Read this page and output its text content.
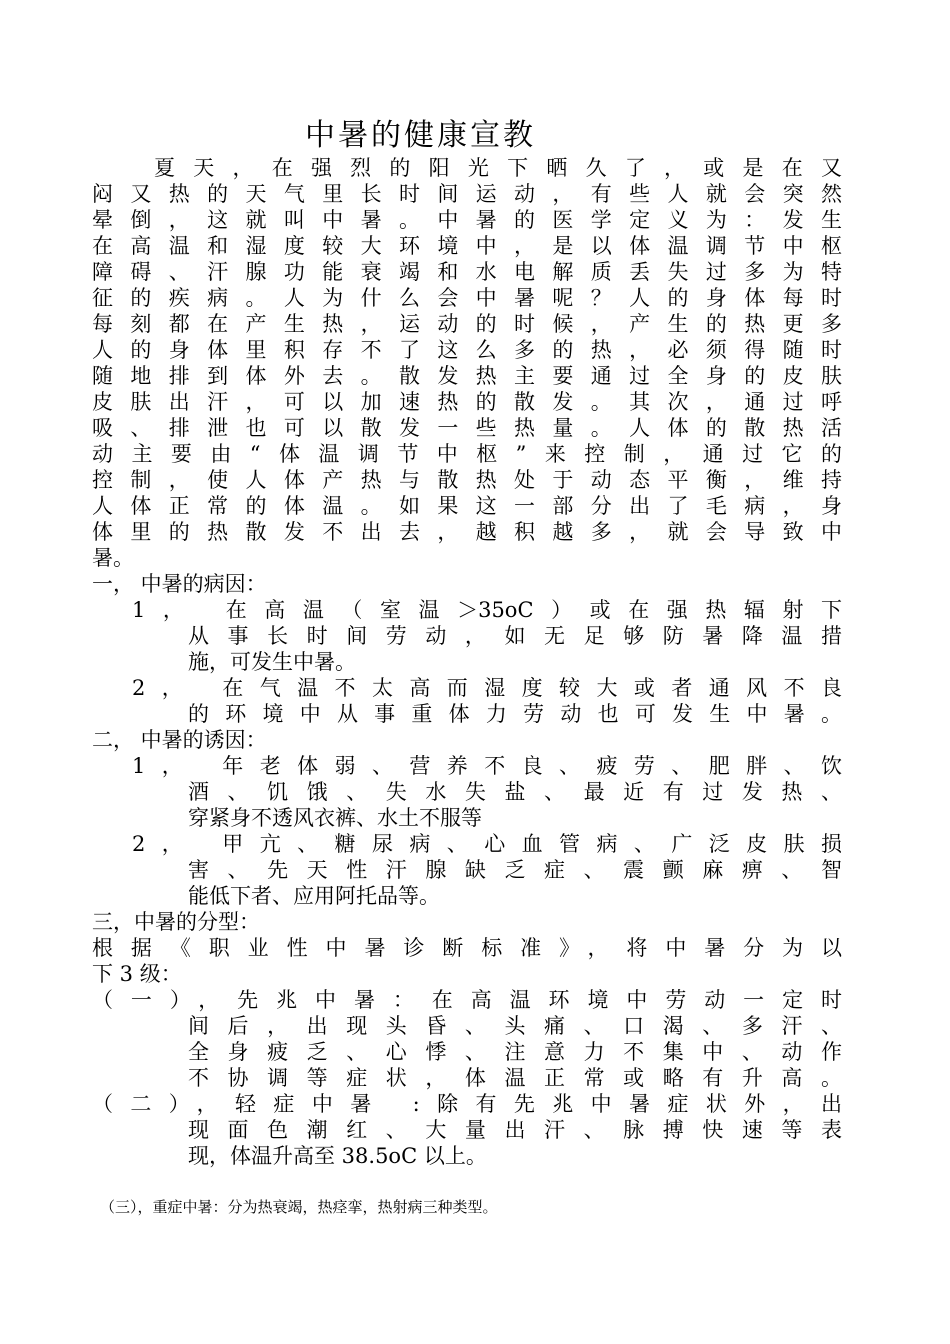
中暑的健康宣教
夏天，在强烈的阳光下晒久了，或是在又
闷又热的天气里长时间运动，有些人就会突然
晕倒，这就叫中暑。中暑的医学定义为：发生
在高温和湿度较大环境中，是以体温调节中枢
障碍、汗腺功能衰竭和水电解质丢失过多为特
征的疾病。人为什么会中暑呢？人的身体每时
每刻都在产生热，运动的时候，产生的热更多
人的身体里积存不了这么多的热，必须得随时
随地排到体外去。散发热主要通过全身的皮肤
皮肤出汗，可以加速热的散发。其次，通过呼
吸、排泄也可以散发一些热量。人体的散热活
动主要由“体温调节中枢”来控制，通过它的
控制，使人体产热与散热处于动态平衡，维持
人体正常的体温。如果这一部分出了毛病，身
体里的热散发不出去，越积越多，就会导致中
暑。
一， 中暑的病因：
1， 在高温（室温＞35oC）或在强热辐射下
从事长时间劳动，如无足够防暑降温措
施，可发生中暑。
2， 在气温不太高而湿度较大或者通风不良
的环境中从事重体力劳动也可发生中暑。
二， 中暑的诱因：
1， 年老体弱、营养不良、疲劳、肥胖、饮
酒、饥饿、失水失盐、最近有过发热、
穿紧身不透风衣裤、水土不服等
2， 甲亢、糖尿病、心血管病、广泛皮肤损
害、先天性汗腺缺乏症、震颤麻痹、智
能低下者、应用阿托品等。
三，中暑的分型：
根据《职业性中暑诊断标准》，将中暑分为以
下 3 级：
（一），先兆中暑：在高温环境中劳动一定时
间后，出现头昏、头痛、口渴、多汗、
全身疲乏、心悸、注意力不集中、动作
不协调等症状，体温正常或略有升高。
（二），轻症中暑 :除有先兆中暑症状外，出
现面色潮红、大量出汗、脉搏快速等表
现，体温升高至 38.5oC 以上。
（三），重症中暑：分为热衰竭，热痉挛，热射病三种类型。
